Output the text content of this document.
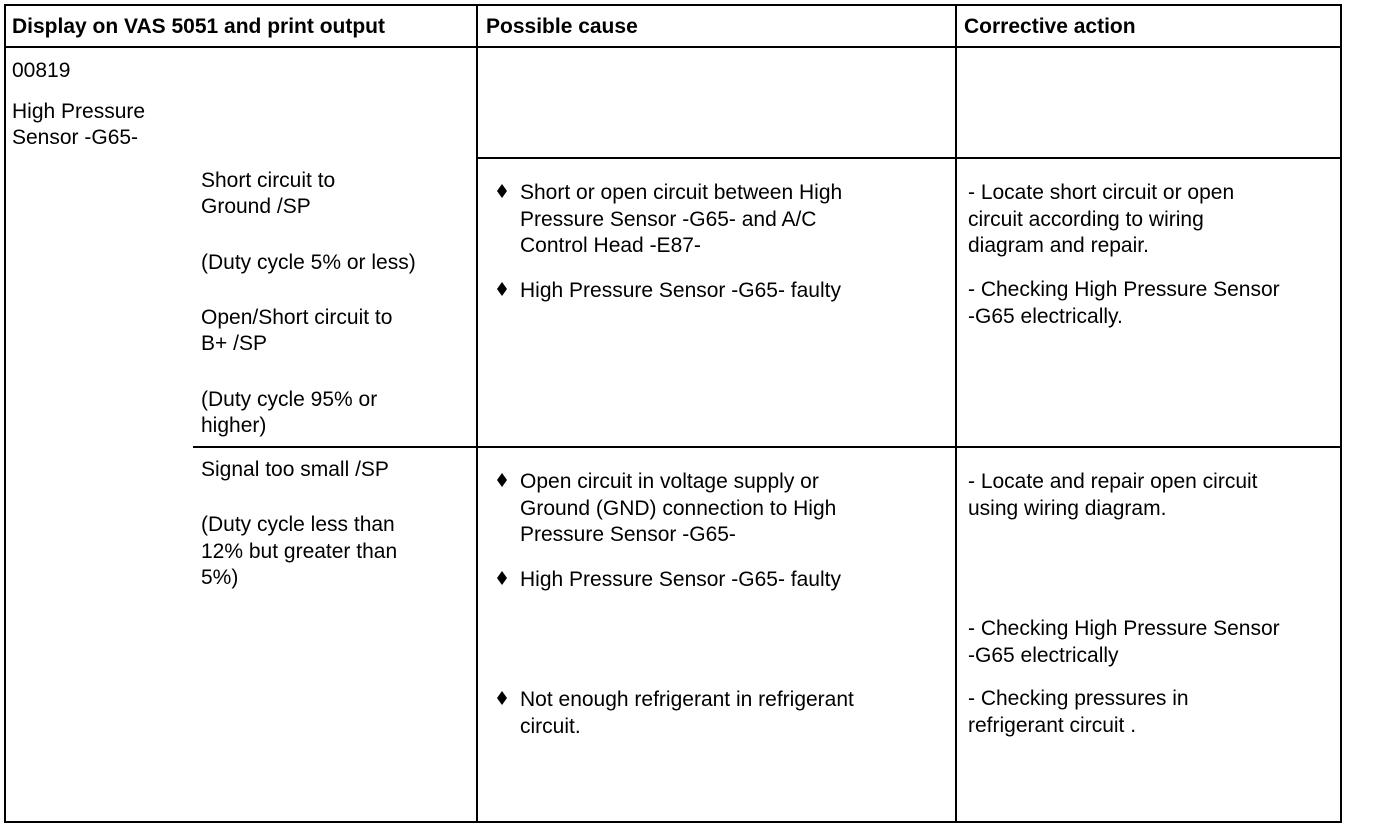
Display on VAS 5051 and print output	Possible cause	Corrective action
00819
High Pressure
Sensor -G65-
Short circuit to
Ground /SP
(Duty cycle 5% or less)
Open/Short circuit to
B+ /SP
(Duty cycle 95% or
higher)
Short or open circuit between High
Pressure Sensor -G65- and A/C
Control Head -E87-
High Pressure Sensor -G65- faulty
- Locate short circuit or open
circuit according to wiring
diagram and repair.
- Checking High Pressure Sensor
-G65 electrically.
Signal too small /SP
(Duty cycle less than
12% but greater than
5%)
Open circuit in voltage supply or
Ground (GND) connection to High
Pressure Sensor -G65-
High Pressure Sensor -G65- faulty
Not enough refrigerant in refrigerant
circuit.
- Locate and repair open circuit
using wiring diagram.
- Checking High Pressure Sensor
-G65 electrically
- Checking pressures in
refrigerant circuit .
